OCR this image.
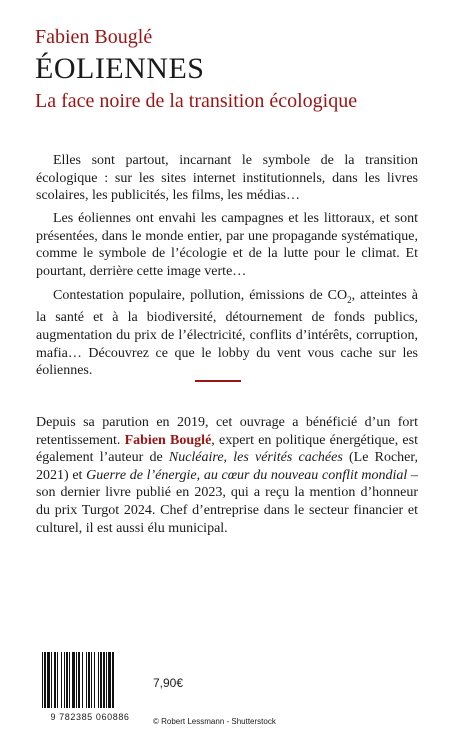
Fabien Bouglé
ÉOLIENNES
La face noire de la transition écologique

Elles sont partout, incarnant le symbole de la transition écologique : sur les sites internet institutionnels, dans les livres scolaires, les publicités, les films, les médias…

Les éoliennes ont envahi les campagnes et les littoraux, et sont présentées, dans le monde entier, par une propagande systématique, comme le symbole de l’écologie et de la lutte pour le climat. Et pourtant, derrière cette image verte…

Contestation populaire, pollution, émissions de $CO_2$, atteintes à la santé et à la biodiversité, détournement de fonds publics, augmentation du prix de l’électricité, conflits d’intérêts, corruption, mafia… Découvrez ce que le lobby du vent vous cache sur les éoliennes.

Depuis sa parution en 2019, cet ouvrage a bénéficié d’un fort retentissement. Fabien Bouglé, expert en politique énergétique, est également l’auteur de Nucléaire, les vérités cachées (Le Rocher, 2021) et Guerre de l’énergie, au cœur du nouveau conflit mondial – son dernier livre publié en 2023, qui a reçu la mention d’honneur du prix Turgot 2024. Chef d’entreprise dans le secteur financier et culturel, il est aussi élu municipal.

9 782385 060886
7,90€
© Robert Lessmann - Shutterstock
